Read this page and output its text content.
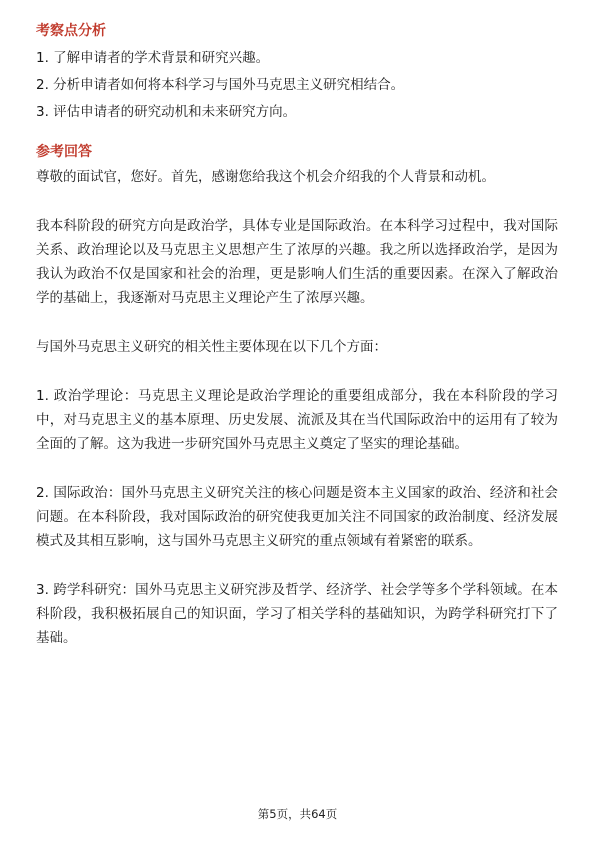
考察点分析

1. 了解申请者的学术背景和研究兴趣。

2. 分析申请者如何将本科学习与国外马克思主义研究相结合。

3. 评估申请者的研究动机和未来研究方向。

参考回答

尊敬的面试官，您好。首先，感谢您给我这个机会介绍我的个人背景和动机。

我本科阶段的研究方向是政治学，具体专业是国际政治。在本科学习过程中，我对国际关系、政治理论以及马克思主义思想产生了浓厚的兴趣。我之所以选择政治学，是因为我认为政治不仅是国家和社会的治理，更是影响人们生活的重要因素。在深入了解政治学的基础上，我逐渐对马克思主义理论产生了浓厚兴趣。

与国外马克思主义研究的相关性主要体现在以下几个方面：

1. 政治学理论：马克思主义理论是政治学理论的重要组成部分，我在本科阶段的学习中，对马克思主义的基本原理、历史发展、流派及其在当代国际政治中的运用有了较为全面的了解。这为我进一步研究国外马克思主义奠定了坚实的理论基础。

2. 国际政治：国外马克思主义研究关注的核心问题是资本主义国家的政治、经济和社会问题。在本科阶段，我对国际政治的研究使我更加关注不同国家的政治制度、经济发展模式及其相互影响，这与国外马克思主义研究的重点领域有着紧密的联系。

3. 跨学科研究：国外马克思主义研究涉及哲学、经济学、社会学等多个学科领域。在本科阶段，我积极拓展自己的知识面，学习了相关学科的基础知识，为跨学科研究打下了基础。

第5页，共64页
